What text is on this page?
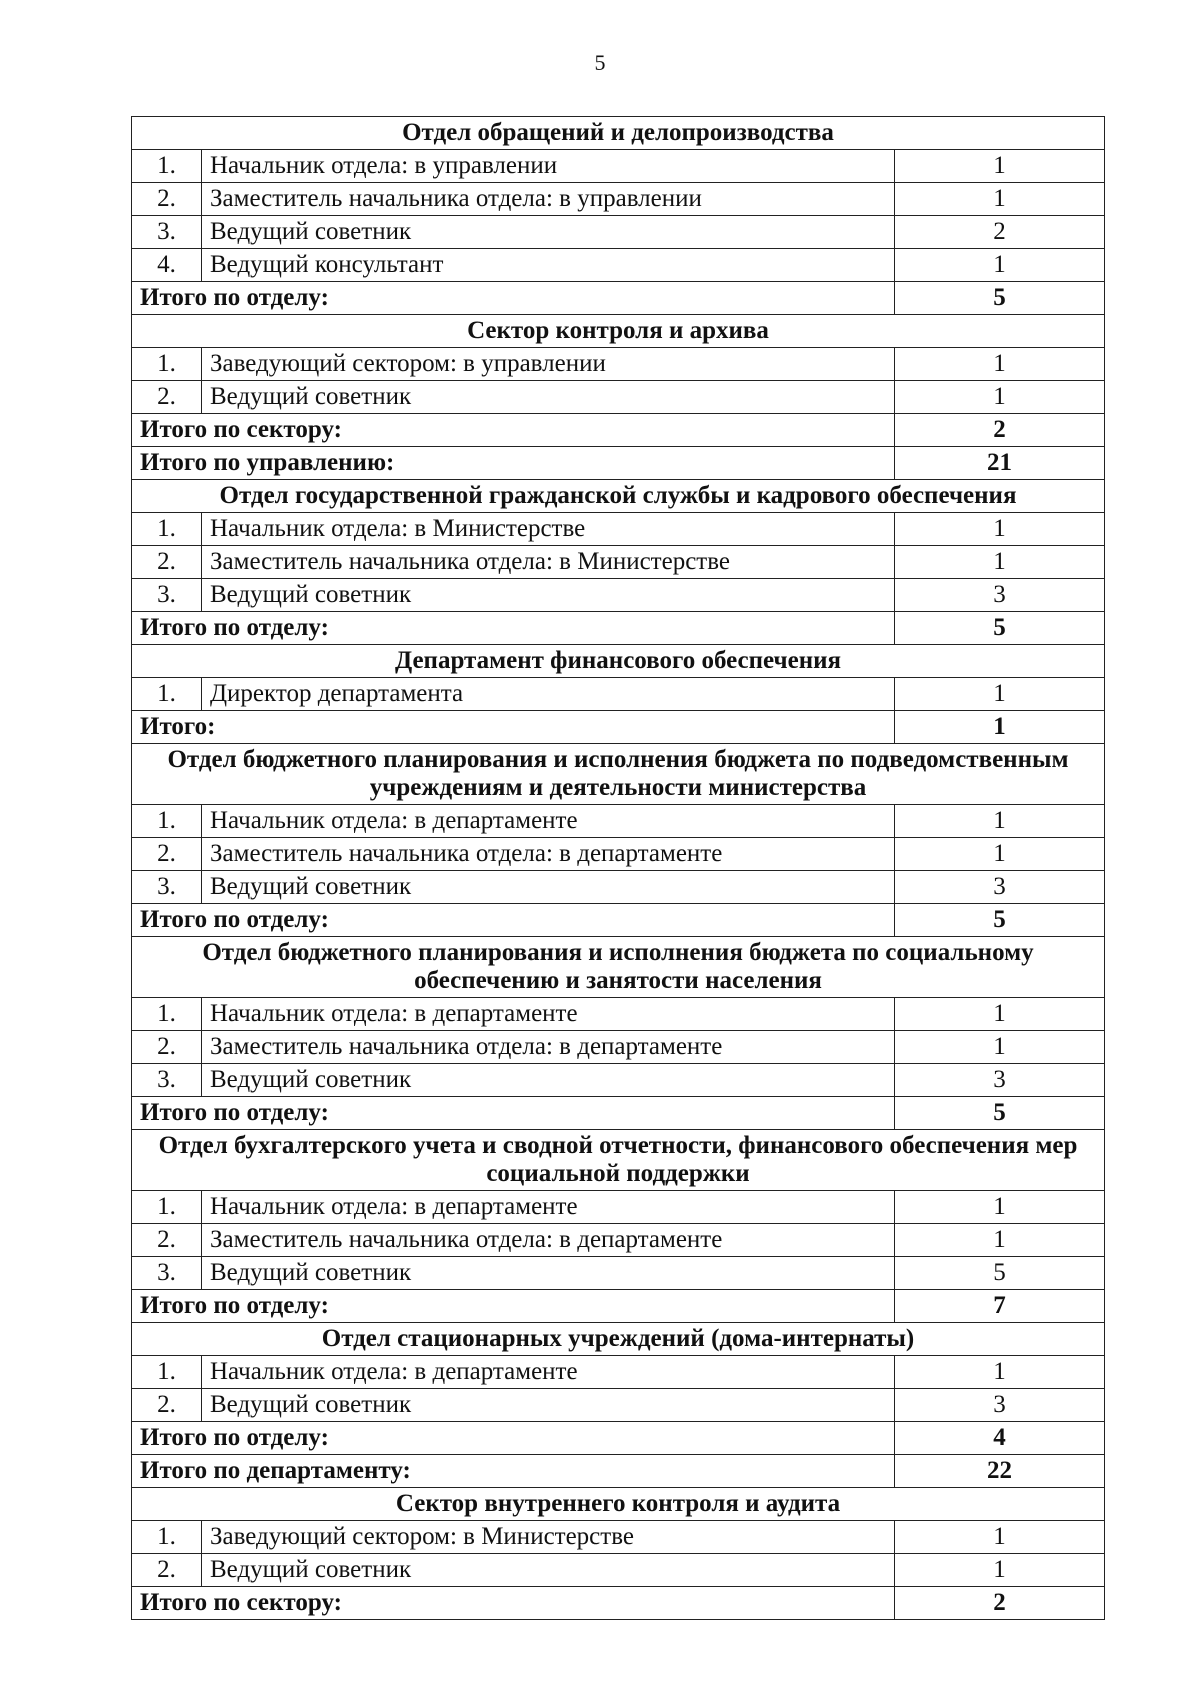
5
Отдел обращений и делопроизводства		
1.	Начальник отдела: в управлении	1
2.	Заместитель начальника отдела: в управлении	1
3.	Ведущий советник	2
4.	Ведущий консультант	1
Итого по отделу:		5
Сектор контроля и архива		
1.	Заведующий сектором: в управлении	1
2.	Ведущий советник	1
Итого по сектору:		2
Итого по управлению:		21
Отдел государственной гражданской службы и кадрового обеспечения		
1.	Начальник отдела: в Министерстве	1
2.	Заместитель начальника отдела: в Министерстве	1
3.	Ведущий советник	3
Итого по отделу:		5
Департамент финансового обеспечения		
1.	Директор департамента	1
Итого:		1
Отдел бюджетного планирования и исполнения бюджета по подведомственным учреждениям и деятельности министерства		
1.	Начальник отдела: в департаменте	1
2.	Заместитель начальника отдела: в департаменте	1
3.	Ведущий советник	3
Итого по отделу:		5
Отдел бюджетного планирования и исполнения бюджета по социальному обеспечению и занятости населения		
1.	Начальник отдела: в департаменте	1
2.	Заместитель начальника отдела: в департаменте	1
3.	Ведущий советник	3
Итого по отделу:		5
Отдел бухгалтерского учета и сводной отчетности, финансового обеспечения мер социальной поддержки		
1.	Начальник отдела: в департаменте	1
2.	Заместитель начальника отдела: в департаменте	1
3.	Ведущий советник	5
Итого по отделу:		7
Отдел стационарных учреждений (дома-интернаты)		
1.	Начальник отдела: в департаменте	1
2.	Ведущий советник	3
Итого по отделу:		4
Итого по департаменту:		22
Сектор внутреннего контроля и аудита		
1.	Заведующий сектором: в Министерстве	1
2.	Ведущий советник	1
Итого по сектору:		2
